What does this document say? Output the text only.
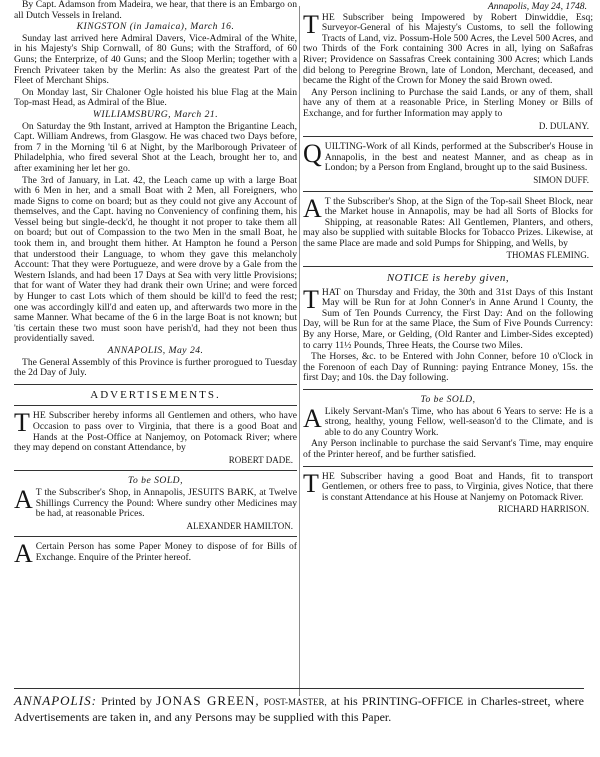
By Capt. Adamson from Madeira, we hear, that there is an Embargo on all Dutch Vessels in Ireland.

KINGSTON (in Jamaica), March 16.

Sunday last arrived here Admiral Davers, Vice-Admiral of the White, in his Majesty's Ship Cornwall, of 80 Guns; with the Strafford, of 60 Guns; the Enterprize, of 40 Guns; and the Sloop Merlin; together with a French Privateer taken by the Merlin: As also the greatest Part of the Fleet of Merchant Ships.

On Monday last, Sir Chaloner Ogle hoisted his blue Flag at the Main Top-mast Head, as Admiral of the Blue.

WILLIAMSBURG, March 21.

On Saturday the 9th Instant, arrived at Hampton the Brigantine Leach, Capt. William Andrews, from Glasgow. He was chaced two Days before, from 7 in the Morning 'til 6 at Night, by the Marlborough Privateer of Philadelphia, who fired several Shot at the Leach, brought her to, and after examining her let her go.

The 3rd of January, in Lat. 42, the Leach came up with a large Boat with 6 Men in her, and a small Boat with 2 Men, all Foreigners, who made Signs to come on board; but as they could not give any Account of themselves, and the Capt. having no Conveniency of confining them, his Vessel being but single-deck'd, he thought it not proper to take them all on board; but out of Compassion to the two Men in the small Boat, he took them in, and brought them hither. At Hampton he found a Person that understood their Language, to whom they gave this melancholy Account: That they were Portugueze, and were drove by a Gale from the Western Islands, and had been 17 Days at Sea with very little Provisions; that for want of Water they had drank their own Urine; and were forced by Hunger to cast Lots which of them should be kill'd to feed the rest; one was accordingly kill'd and eaten up, and afterwards two more in the same Manner. What became of the 6 in the large Boat is not known; but 'tis certain these two must soon have perish'd, had they not been thus providentially saved.

ANNAPOLIS, May 24.

The General Assembly of this Province is further prorogued to Tuesday the 2d Day of July.

ADVERTISEMENTS.
T HE Subscriber hereby informs all Gentlemen and others, who have Occasion to pass over to Virginia, that there is a good Boat and Hands at the Post-Office at Nanjemoy, on Potomack River; where they may depend on constant Attendance, by

ROBERT DADE.

To be SOLD,

A T the Subscriber's Shop, in Annapolis, JESUITS BARK, at Twelve Shillings Currency the Pound: Where sundry other Medicines may be had, at reasonable Prices.

ALEXANDER HAMILTON.

A Certain Person has some Paper Money to dispose of for Bills of Exchange. Enquire of the Printer hereof.

Annapolis, May 24, 1748.

T HE Subscriber being Impowered by Robert Dinwiddie, Esq; Surveyor-General of his Majesty's Customs, to sell the following Tracts of Land, viz. Possum-Hole 500 Acres, the Level 500 Acres, and two Thirds of the Fork containing 300 Acres in all, lying on Saßafras River; Providence on Sassafras Creek containing 300 Acres; which Lands did belong to Peregrine Brown, late of London, Merchant, deceased, and became the Right of the Crown for Money the said Brown owed.

Any Person inclining to Purchase the said Lands, or any of them, shall have any of them at a reasonable Price, in Sterling Money or Bills of Exchange, and for further Information may apply to

D. DULANY.

Q UILTING-Work of all Kinds, performed at the Subscriber's House in Annapolis, in the best and neatest Manner, and as cheap as in London; by a Person from England, brought up to the said Business.

SIMON DUFF.

A T the Subscriber's Shop, at the Sign of the Top-sail Sheet Block, near the Market house in Annapolis, may be had all Sorts of Blocks for Shipping, at reasonable Rates: All Gentlemen, Planters, and others, may also be supplied with suitable Blocks for Tobacco Prizes. Likewise, at the same Place are made and sold Pumps for Shipping, and Wells, by

THOMAS FLEMING.

NOTICE is hereby given,

T HAT on Thursday and Friday, the 30th and 31st Days of this Instant May will be Run for at John Conner's in Anne Arund l County, the Sum of Ten Pounds Currency, the First Day: And on the following Day, will be Run for at the same Place, the Sum of Five Pounds Currency: By any Horse, Mare, or Gelding, (Old Ranter and Limber-Sides excepted) to carry 11½ Pounds, Three Heats, the Course two Miles.

The Horses, &c. to be Entered with John Conner, before 10 o'Clock in the Forenoon of each Day of Running: paying Entrance Money, 15s. the first Day; and 10s. the Day following.

To be SOLD,

A Likely Servant-Man's Time, who has about 6 Years to serve: He is a strong, healthy, young Fellow, well-season'd to the Climate, and is able to do any Country Work.

Any Person inclinable to purchase the said Servant's Time, may enquire of the Printer hereof, and be further satisfied.

T HE Subscriber having a good Boat and Hands, fit to transport Gentlemen, or others free to pass, to Virginia, gives Notice, that there is constant Attendance at his House at Nanjemy on Potomack River.

RICHARD HARRISON.

ANNAPOLIS: Printed by JONAS GREEN, POST-MASTER, at his PRINTING-OFFICE in Charles-street, where Advertisements are taken in, and any Persons may be supplied with this Paper.
